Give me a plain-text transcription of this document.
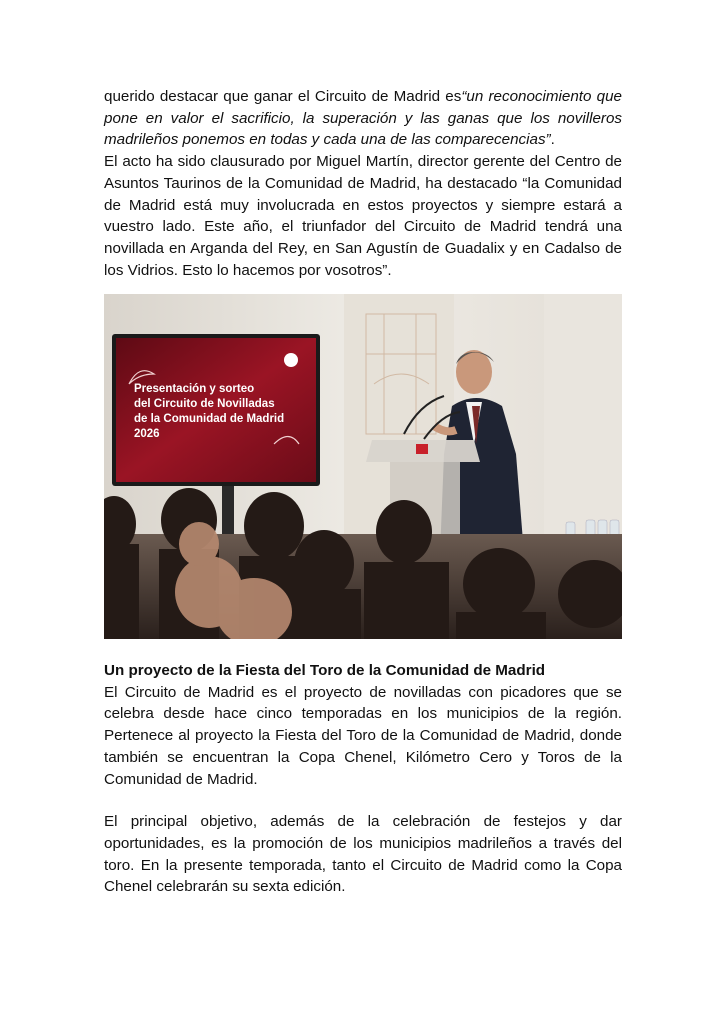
querido destacar que ganar el Circuito de Madrid es“un reconocimiento que pone en valor el sacrificio, la superación y las ganas que los novilleros madrileños ponemos en todas y cada una de las comparecencias”.

El acto ha sido clausurado por Miguel Martín, director gerente del Centro de Asuntos Taurinos de la Comunidad de Madrid, ha destacado “la Comunidad de Madrid está muy involucrada en estos proyectos y siempre estará a vuestro lado. Este año, el triunfador del Circuito de Madrid tendrá una novillada en Arganda del Rey, en San Agustín de Guadalix y en Cadalso de los Vidrios. Esto lo hacemos por vosotros”.

Presentación y sorteo
del Circuito de Novilladas
de la Comunidad de Madrid
2026
Un proyecto de la Fiesta del Toro de la Comunidad de Madrid

El Circuito de Madrid es el proyecto de novilladas con picadores que se celebra desde hace cinco temporadas en los municipios de la región. Pertenece al proyecto la Fiesta del Toro de la Comunidad de Madrid, donde también se encuentran la Copa Chenel, Kilómetro Cero y Toros de la Comunidad de Madrid.

El principal objetivo, además de la celebración de festejos y dar oportunidades, es la promoción de los municipios madrileños a través del toro. En la presente temporada, tanto el Circuito de Madrid como la Copa Chenel celebrarán su sexta edición.
